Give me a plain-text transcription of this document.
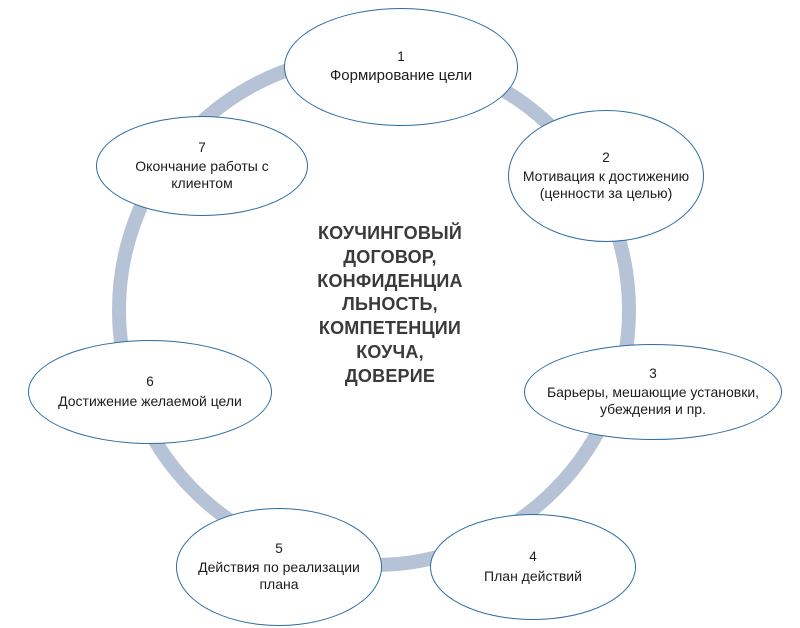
КОУЧИНГОВЫЙ
ДОГОВОР,
КОНФИДЕНЦИА
ЛЬНОСТЬ,
КОМПЕТЕНЦИИ
КОУЧА,
ДОВЕРИЕ
1
Формирование цели
2
Мотивация к достижению (ценности за целью)
3
Барьеры, мешающие установки, убеждения и пр.
4
План действий
5
Действия по реализации плана
6
Достижение желаемой цели
7
Окончание работы с клиентом
